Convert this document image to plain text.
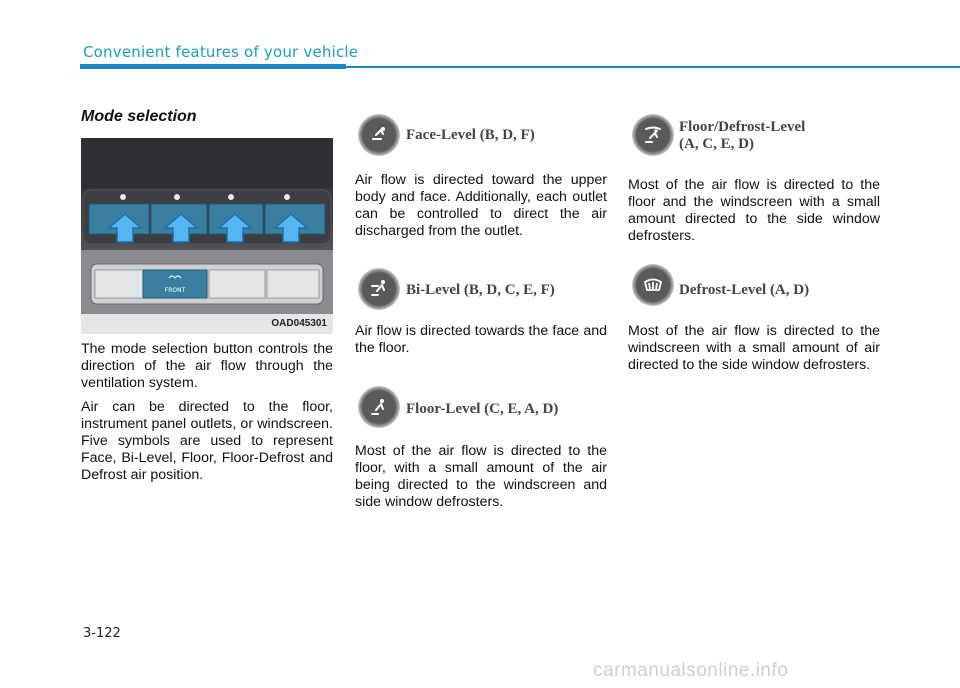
Convenient features of your vehicle
Mode selection
FRONT
OAD045301

The mode selection button controls the direction of the air flow through the ventilation system.

Air can be directed to the floor, instrument panel outlets, or windscreen. Five symbols are used to represent Face, Bi-Level, Floor, Floor-Defrost and Defrost air position.

Face-Level (B, D, F)

Air flow is directed toward the upper body and face. Additionally, each outlet can be controlled to direct the air discharged from the outlet.

Bi-Level (B, D, C, E, F)

Air flow is directed towards the face and the floor.

Floor-Level (C, E, A, D)

Most of the air flow is directed to the floor, with a small amount of the air being directed to the windscreen and side window defrosters.

Floor/Defrost-Level
(A, C, E, D)

Most of the air flow is directed to the floor and the windscreen with a small amount directed to the side window defrosters.

Defrost-Level (A, D)

Most of the air flow is directed to the windscreen with a small amount of air directed to the side window defrosters.

3-122
carmanualsonline.info
